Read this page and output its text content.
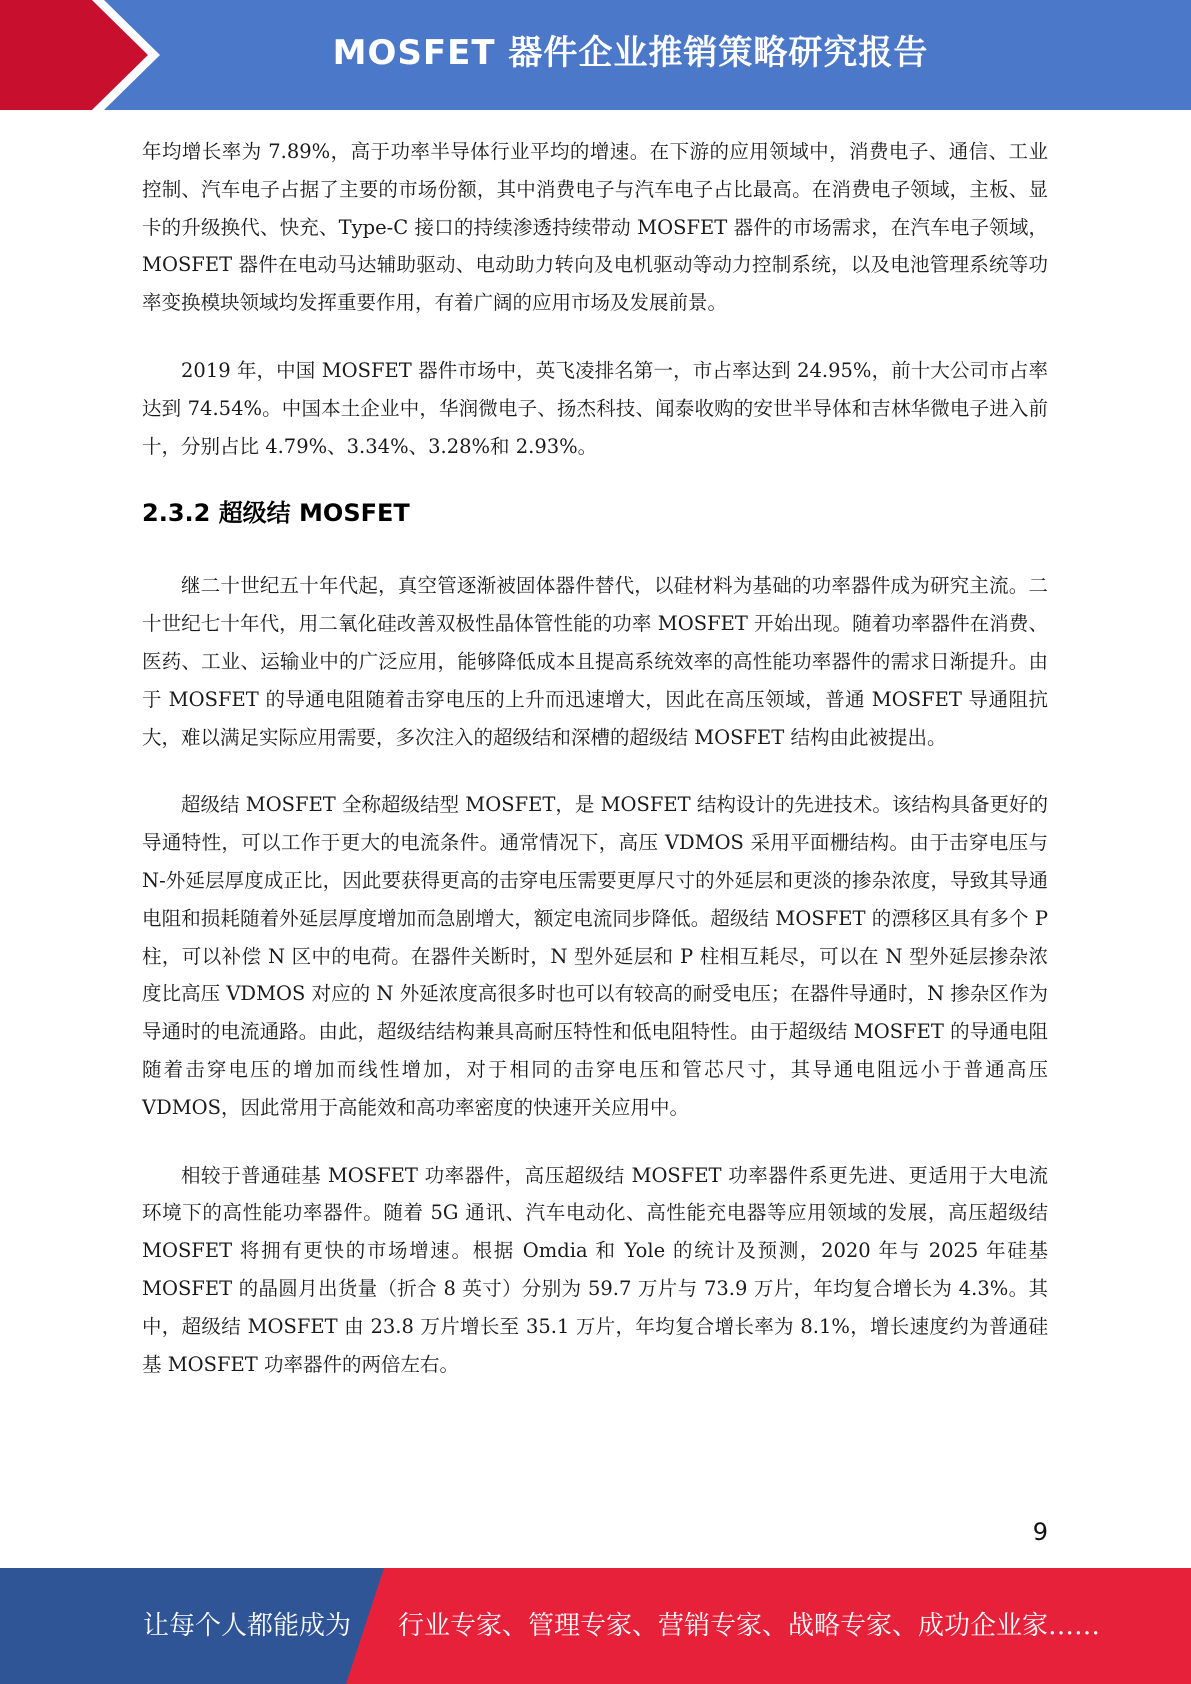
MOSFET 器件企业推销策略研究报告

年均增长率为 7.89%，高于功率半导体行业平均的增速。在下游的应用领域中，消费电子、通信、工业控制、汽车电子占据了主要的市场份额，其中消费电子与汽车电子占比最高。在消费电子领域，主板、显卡的升级换代、快充、Type-C 接口的持续渗透持续带动 MOSFET 器件的市场需求，在汽车电子领域，MOSFET 器件在电动马达辅助驱动、电动助力转向及电机驱动等动力控制系统，以及电池管理系统等功率变换模块领域均发挥重要作用，有着广阔的应用市场及发展前景。

2019 年，中国 MOSFET 器件市场中，英飞凌排名第一，市占率达到 24.95%，前十大公司市占率达到 74.54%。中国本土企业中，华润微电子、扬杰科技、闻泰收购的安世半导体和吉林华微电子进入前十，分别占比 4.79%、3.34%、3.28%和 2.93%。

2.3.2 超级结 MOSFET

继二十世纪五十年代起，真空管逐渐被固体器件替代，以硅材料为基础的功率器件成为研究主流。二十世纪七十年代，用二氧化硅改善双极性晶体管性能的功率 MOSFET 开始出现。随着功率器件在消费、医药、工业、运输业中的广泛应用，能够降低成本且提高系统效率的高性能功率器件的需求日渐提升。由于 MOSFET 的导通电阻随着击穿电压的上升而迅速增大，因此在高压领域，普通 MOSFET 导通阻抗大，难以满足实际应用需要，多次注入的超级结和深槽的超级结 MOSFET 结构由此被提出。

超级结 MOSFET 全称超级结型 MOSFET，是 MOSFET 结构设计的先进技术。该结构具备更好的导通特性，可以工作于更大的电流条件。通常情况下，高压 VDMOS 采用平面栅结构。由于击穿电压与 N-外延层厚度成正比，因此要获得更高的击穿电压需要更厚尺寸的外延层和更淡的掺杂浓度，导致其导通电阻和损耗随着外延层厚度增加而急剧增大，额定电流同步降低。超级结 MOSFET 的漂移区具有多个 P 柱，可以补偿 N 区中的电荷。在器件关断时，N 型外延层和 P 柱相互耗尽，可以在 N 型外延层掺杂浓度比高压 VDMOS 对应的 N 外延浓度高很多时也可以有较高的耐受电压；在器件导通时，N 掺杂区作为导通时的电流通路。由此，超级结结构兼具高耐压特性和低电阻特性。由于超级结 MOSFET 的导通电阻随着击穿电压的增加而线性增加，对于相同的击穿电压和管芯尺寸，其导通电阻远小于普通高压 VDMOS，因此常用于高能效和高功率密度的快速开关应用中。

相较于普通硅基 MOSFET 功率器件，高压超级结 MOSFET 功率器件系更先进、更适用于大电流环境下的高性能功率器件。随着 5G 通讯、汽车电动化、高性能充电器等应用领域的发展，高压超级结 MOSFET 将拥有更快的市场增速。根据 Omdia 和 Yole 的统计及预测，2020 年与 2025 年硅基 MOSFET 的晶圆月出货量（折合 8 英寸）分别为 59.7 万片与 73.9 万片，年均复合增长为 4.3%。其中，超级结 MOSFET 由 23.8 万片增长至 35.1 万片，年均复合增长率为 8.1%，增长速度约为普通硅基 MOSFET 功率器件的两倍左右。

9
让每个人都能成为 行业专家、管理专家、营销专家、战略专家、成功企业家……
